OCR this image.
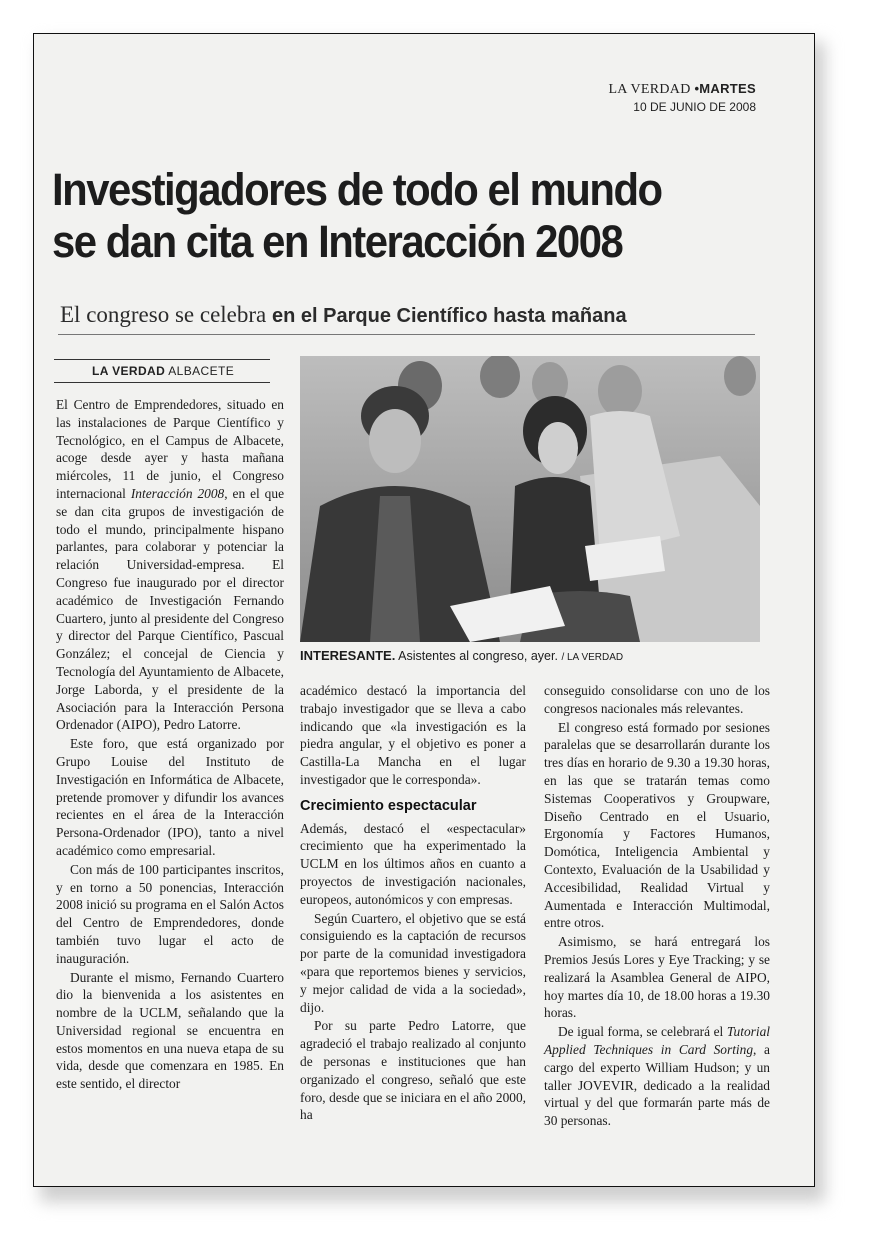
LA VERDAD •MARTES
10 DE JUNIO DE 2008
Investigadores de todo el mundo
se dan cita en Interacción 2008
El congreso se celebra en el Parque Científico hasta mañana
LA VERDAD ALBACETE

El Centro de Emprendedores, situado en las instalaciones de Parque Científico y Tecnológico, en el Campus de Albacete, acoge desde ayer y hasta mañana miércoles, 11 de junio, el Congreso internacional Interacción 2008, en el que se dan cita grupos de investigación de todo el mundo, principalmente hispano parlantes, para colaborar y potenciar la relación Universidad-empresa. El Congreso fue inaugurado por el director académico de Investigación Fernando Cuartero, junto al presidente del Congreso y director del Parque Científico, Pascual González; el concejal de Ciencia y Tecnología del Ayuntamiento de Albacete, Jorge Laborda, y el presidente de la Asociación para la Interacción Persona Ordenador (AIPO), Pedro Latorre.

Este foro, que está organizado por Grupo Louise del Instituto de Investigación en Informática de Albacete, pretende promover y difundir los avances recientes en el área de la Interacción Persona-Ordenador (IPO), tanto a nivel académico como empresarial.

Con más de 100 participantes inscritos, y en torno a 50 ponencias, Interacción 2008 inició su programa en el Salón Actos del Centro de Emprendedores, donde también tuvo lugar el acto de inauguración.

Durante el mismo, Fernando Cuartero dio la bienvenida a los asistentes en nombre de la UCLM, señalando que la Universidad regional se encuentra en estos momentos en una nueva etapa de su vida, desde que comenzara en 1985. En este sentido, el director

INTERESANTE. Asistentes al congreso, ayer. / LA VERDAD

académico destacó la importancia del trabajo investigador que se lleva a cabo indicando que «la investigación es la piedra angular, y el objetivo es poner a Castilla-La Mancha en el lugar investigador que le corresponda».

Crecimiento espectacular

Además, destacó el «espectacular» crecimiento que ha experimentado la UCLM en los últimos años en cuanto a proyectos de investigación nacionales, europeos, autonómicos y con empresas.

Según Cuartero, el objetivo que se está consiguiendo es la captación de recursos por parte de la comunidad investigadora «para que reportemos bienes y servicios, y mejor calidad de vida a la sociedad», dijo.

Por su parte Pedro Latorre, que agradeció el trabajo realizado al conjunto de personas e instituciones que han organizado el congreso, señaló que este foro, desde que se iniciara en el año 2000, ha

conseguido consolidarse con uno de los congresos nacionales más relevantes.

El congreso está formado por sesiones paralelas que se desarrollarán durante los tres días en horario de 9.30 a 19.30 horas, en las que se tratarán temas como Sistemas Cooperativos y Groupware, Diseño Centrado en el Usuario, Ergonomía y Factores Humanos, Domótica, Inteligencia Ambiental y Contexto, Evaluación de la Usabilidad y Accesibilidad, Realidad Virtual y Aumentada e Interacción Multimodal, entre otros.

Asimismo, se hará entregará los Premios Jesús Lores y Eye Tracking; y se realizará la Asamblea General de AIPO, hoy martes día 10, de 18.00 horas a 19.30 horas.

De igual forma, se celebrará el Tutorial Applied Techniques in Card Sorting, a cargo del experto William Hudson; y un taller JOVEVIR, dedicado a la realidad virtual y del que formarán parte más de 30 personas.
